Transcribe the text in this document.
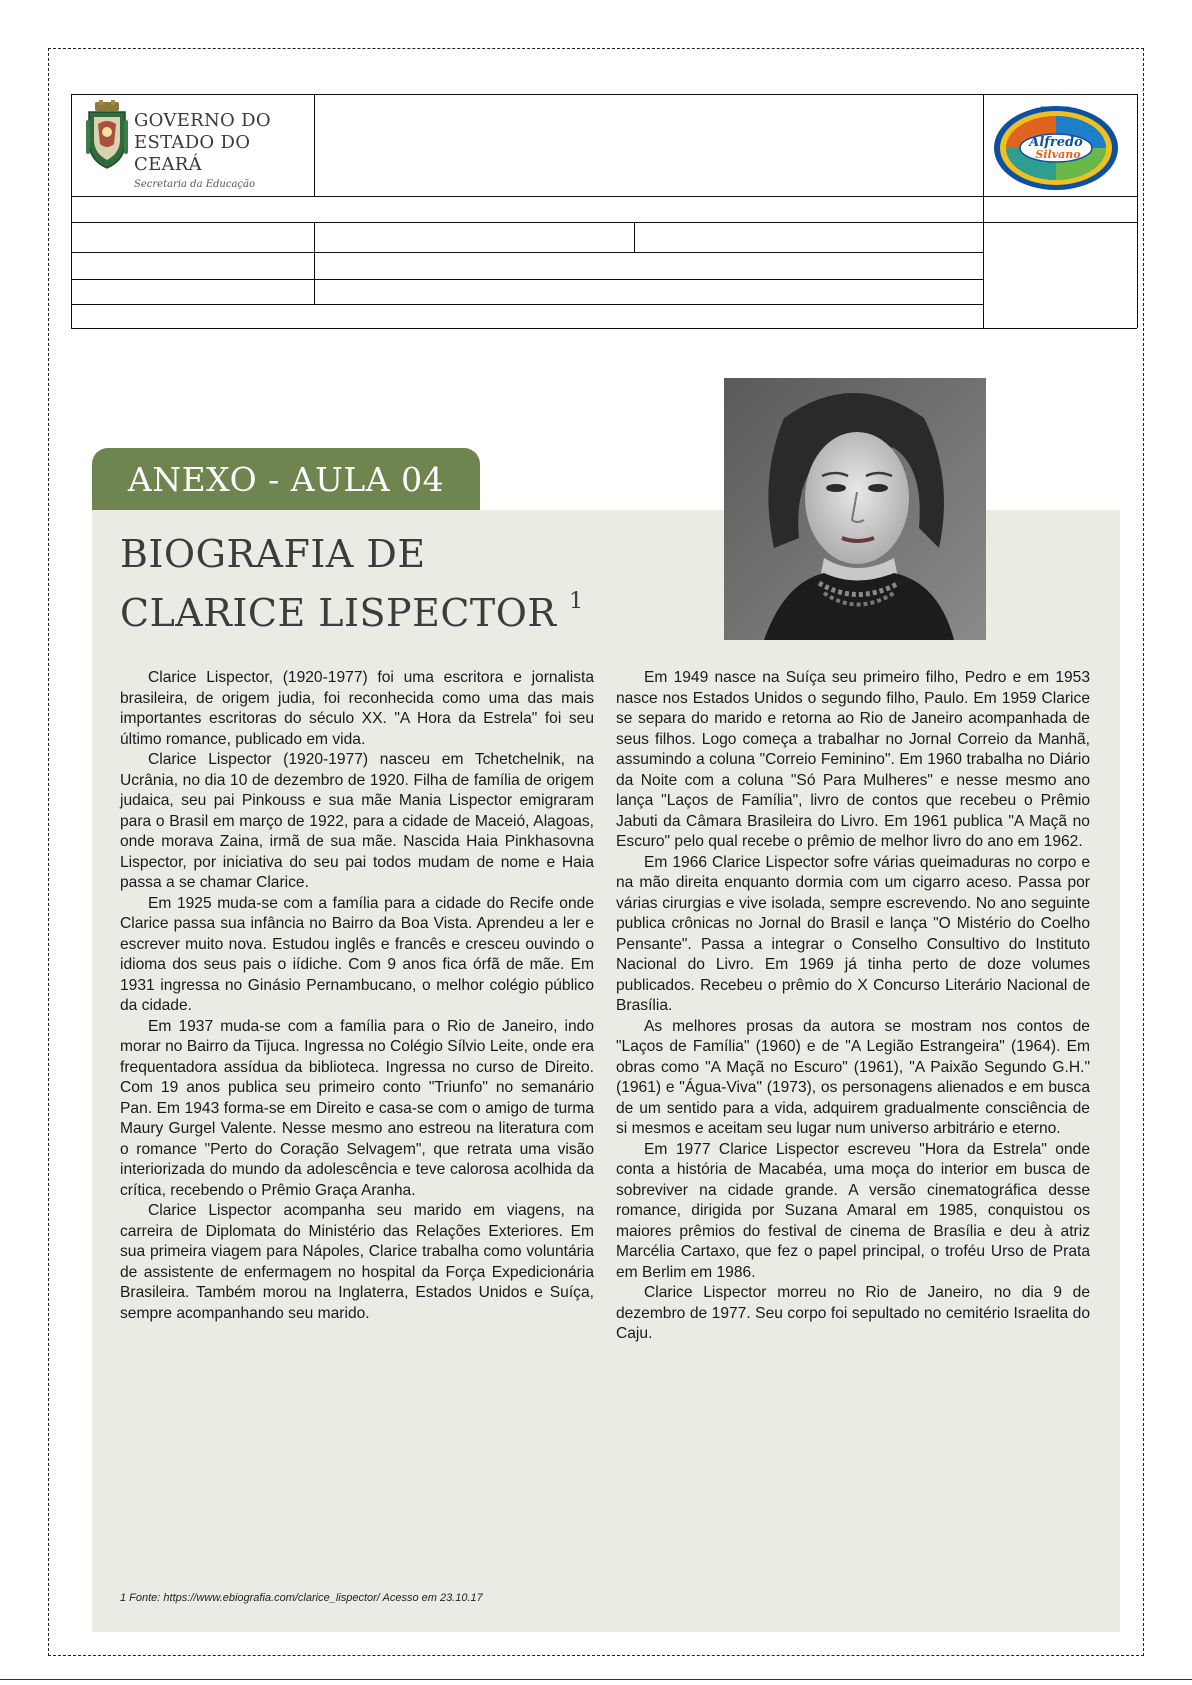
GOVERNO DO
ESTADO DO CEARÁ
Secretaria da Educação
Alfredo
Silvano
EEMTI CEL
ANEXO - AULA 04
BIOGRAFIA DE
CLARICE LISPECTOR $^1$

Clarice Lispector, (1920-1977) foi uma escritora e jornalista brasileira, de origem judia, foi reconhecida como uma das mais importantes escritoras do século XX. "A Hora da Estrela" foi seu último romance, publicado em vida.

Clarice Lispector (1920-1977) nasceu em Tchetchelnik, na Ucrânia, no dia 10 de dezembro de 1920. Filha de família de origem judaica, seu pai Pinkouss e sua mãe Mania Lispector emigraram para o Brasil em março de 1922, para a cidade de Maceió, Alagoas, onde morava Zaina, irmã de sua mãe. Nascida Haia Pinkhasovna Lispector, por iniciativa do seu pai todos mudam de nome e Haia passa a se chamar Clarice.

Em 1925 muda-se com a família para a cidade do Recife onde Clarice passa sua infância no Bairro da Boa Vista. Aprendeu a ler e escrever muito nova. Estudou inglês e francês e cresceu ouvindo o idioma dos seus pais o iídiche. Com 9 anos fica órfã de mãe. Em 1931 ingressa no Ginásio Pernambucano, o melhor colégio público da cidade.

Em 1937 muda-se com a família para o Rio de Janeiro, indo morar no Bairro da Tijuca. Ingressa no Colégio Sílvio Leite, onde era frequentadora assídua da biblioteca. Ingressa no curso de Direito. Com 19 anos publica seu primeiro conto "Triunfo" no semanário Pan. Em 1943 forma-se em Direito e casa-se com o amigo de turma Maury Gurgel Valente. Nesse mesmo ano estreou na literatura com o romance "Perto do Coração Selvagem", que retrata uma visão interiorizada do mundo da adolescência e teve calorosa acolhida da crítica, recebendo o Prêmio Graça Aranha.

Clarice Lispector acompanha seu marido em viagens, na carreira de Diplomata do Ministério das Relações Exteriores. Em sua primeira viagem para Nápoles, Clarice trabalha como voluntária de assistente de enfermagem no hospital da Força Expedicionária Brasileira. Também morou na Inglaterra, Estados Unidos e Suíça, sempre acompanhando seu marido.

Em 1949 nasce na Suíça seu primeiro filho, Pedro e em 1953 nasce nos Estados Unidos o segundo filho, Paulo. Em 1959 Clarice se separa do marido e retorna ao Rio de Janeiro acompanhada de seus filhos. Logo começa a trabalhar no Jornal Correio da Manhã, assumindo a coluna "Correio Feminino". Em 1960 trabalha no Diário da Noite com a coluna "Só Para Mulheres" e nesse mesmo ano lança "Laços de Família", livro de contos que recebeu o Prêmio Jabuti da Câmara Brasileira do Livro. Em 1961 publica "A Maçã no Escuro" pelo qual recebe o prêmio de melhor livro do ano em 1962.

Em 1966 Clarice Lispector sofre várias queimaduras no corpo e na mão direita enquanto dormia com um cigarro aceso. Passa por várias cirurgias e vive isolada, sempre escrevendo. No ano seguinte publica crônicas no Jornal do Brasil e lança "O Mistério do Coelho Pensante". Passa a integrar o Conselho Consultivo do Instituto Nacional do Livro. Em 1969 já tinha perto de doze volumes publicados. Recebeu o prêmio do X Concurso Literário Nacional de Brasília.

As melhores prosas da autora se mostram nos contos de "Laços de Família" (1960) e de "A Legião Estrangeira" (1964). Em obras como "A Maçã no Escuro" (1961), "A Paixão Segundo G.H." (1961) e "Água-Viva" (1973), os personagens alienados e em busca de um sentido para a vida, adquirem gradualmente consciência de si mesmos e aceitam seu lugar num universo arbitrário e eterno.

Em 1977 Clarice Lispector escreveu "Hora da Estrela" onde conta a história de Macabéa, uma moça do interior em busca de sobreviver na cidade grande. A versão cinematográfica desse romance, dirigida por Suzana Amaral em 1985, conquistou os maiores prêmios do festival de cinema de Brasília e deu à atriz Marcélia Cartaxo, que fez o papel principal, o troféu Urso de Prata em Berlim em 1986.

Clarice Lispector morreu no Rio de Janeiro, no dia 9 de dezembro de 1977. Seu corpo foi sepultado no cemitério Israelita do Caju.

1 Fonte: https://www.ebiografia.com/clarice_lispector/ Acesso em 23.10.17
